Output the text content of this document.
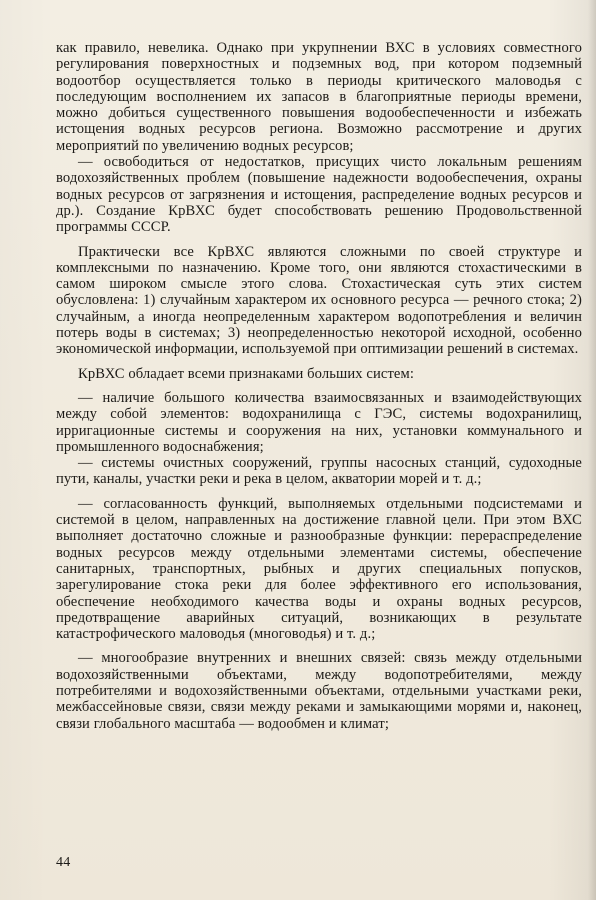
как правило, невелика. Однако при укрупнении ВХС в условиях совместного регулирования поверхностных и подземных вод, при котором подземный водоотбор осуществляется только в периоды критического маловодья с последующим восполнением их запасов в благоприятные периоды времени, можно добиться существенного повышения водообеспеченности и избежать истощения водных ресурсов региона. Возможно рассмотрение и других мероприятий по увеличению водных ресурсов;

— освободиться от недостатков, присущих чисто локальным решениям водохозяйственных проблем (повышение надежности водообеспечения, охраны водных ресурсов от загрязнения и истощения, распределение водных ресурсов и др.). Создание КрВХС будет способствовать решению Продовольственной программы СССР.

Практически все КрВХС являются сложными по своей структуре и комплексными по назначению. Кроме того, они являются стохастическими в самом широком смысле этого слова. Стохастическая суть этих систем обусловлена: 1) случайным характером их основного ресурса — речного стока; 2) случайным, а иногда неопределенным характером водопотребления и величин потерь воды в системах; 3) неопределенностью некоторой исходной, особенно экономической информации, используемой при оптимизации решений в системах.

КрВХС обладает всеми признаками больших систем:

— наличие большого количества взаимосвязанных и взаимодействующих между собой элементов: водохранилища с ГЭС, системы водохранилищ, ирригационные системы и сооружения на них, установки коммунального и промышленного водоснабжения;

— системы очистных сооружений, группы насосных станций, судоходные пути, каналы, участки реки и река в целом, акватории морей и т. д.;

— согласованность функций, выполняемых отдельными подсистемами и системой в целом, направленных на достижение главной цели. При этом ВХС выполняет достаточно сложные и разнообразные функции: перераспределение водных ресурсов между отдельными элементами системы, обеспечение санитарных, транспортных, рыбных и других специальных попусков, зарегулирование стока реки для более эффективного его использования, обеспечение необходимого качества воды и охраны водных ресурсов, предотвращение аварийных ситуаций, возникающих в результате катастрофического маловодья (многоводья) и т. д.;

— многообразие внутренних и внешних связей: связь между отдельными водохозяйственными объектами, между водопотребителями, между потребителями и водохозяйственными объектами, отдельными участками реки, межбассейновые связи, связи между реками и замыкающими морями и, наконец, связи глобального масштаба — водообмен и климат;

44
